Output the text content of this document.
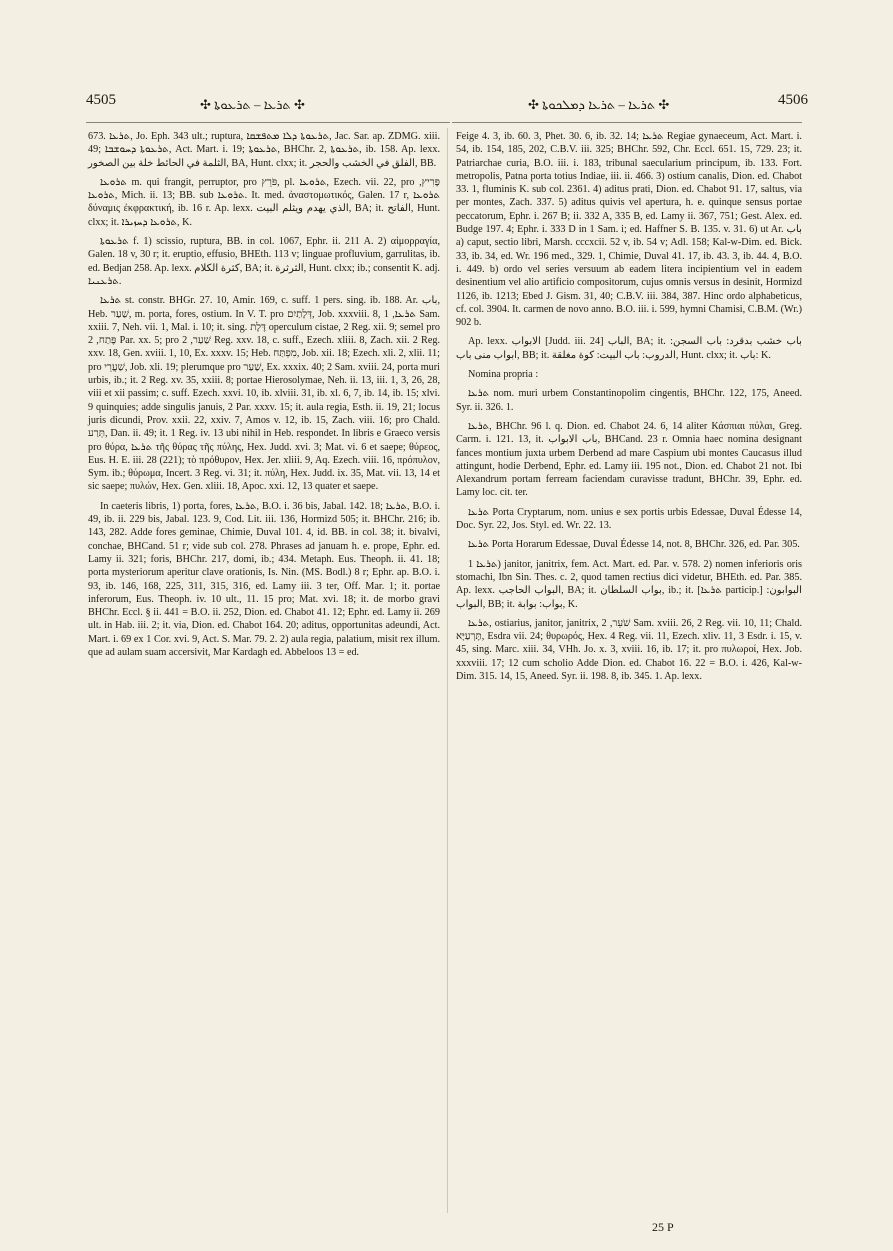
4505	✣ ܬܪܥܐ – ܬܪܥܘܬܐ ✣	✣ ܬܪܥܐ – ܬܪܥܐ ܕܡܠܟܘܬܐ ✣	4506

673. ܬܪܥܐ, Jo. Eph. 343 ult.; ruptura, ܬܪܥܘܬܐ ܕܠܐ ܡܬܦܫܩܐ, Jac. Sar. ap. ZDMG. xiii. 49; ܬܪܥܘܬܐ ܕܚܘܫܒܐ, Act. Mart. i. 19; ܬܪܥܘܬܐ, BHChr. 2, ܬܪܥܘܬܐ, ib. 158. Ap. lexx. الثلمة في الحائط خلة بين الصخور, BA, Hunt. clxx; it. الفلق في الخشب والحجر, BB.

ܬܪܘܥܐ m. qui frangit, perruptor, pro פֹּרֵץ, pl. ܬܪܘܥܐ, Ezech. vii. 22, pro פָּרִיץ, ܬܪܘܥܐ, Mich. ii. 13; BB. sub ܬܪܘܥܐ. It. med. ἀναστομωτικός, Galen. 17 r, ܬܪܘܥܐ δύναμις ἐκφρακτική, ib. 16 r. Ap. lexx. الذي يهدم ويثلم البيت, BA; it. الفاتح, Hunt. clxx; it. ܬܪܘܥܐ ܕܚܙܝܪܐ, K.

ܬܪܥܘܬܐ f. 1) scissio, ruptura, BB. in col. 1067, Ephr. ii. 211 A. 2) αἱμορραγία, Galen. 18 v, 30 r; it. eruptio, effusio, BHEth. 113 v; linguae profluvium, garrulitas, ib. ed. Bedjan 258. Ap. lexx. كثرة الكلام, BA; it. الثرثرة, Hunt. clxx; ib.; consentit K. adj. ܬܪܥܢܝܐ.

ܬܪܥܐ st. constr. BHGr. 27. 10, Amir. 169, c. suff. 1 pers. sing. ib. 188. Ar. باب, Heb. שַׁעַר, m. porta, fores, ostium. In V. T. pro דְּלָתַיִם, Job. xxxviii. 8, ܬܪܥܐ, 1 Sam. xxiii. 7, Neh. vii. 1, Mal. i. 10; it. sing. דֶּלֶת operculum cistae, 2 Reg. xii. 9; semel pro פֶּתַח, 2 Par. xx. 5; pro שַׁעַר, 2 Reg. xxv. 18, c. suff., Ezech. xliii. 8, Zach. xii. 2 Reg. xxv. 18, Gen. xviii. 1, 10, Ex. xxxv. 15; Heb. מִפְתַּח, Job. xii. 18; Ezech. xli. 2, xlii. 11; pro שַׁעֲרֵי, Job. xli. 19; plerumque pro שַׁעַר, Ex. xxxix. 40; 2 Sam. xviii. 24, porta muri urbis, ib.; it. 2 Reg. xv. 35, xxiii. 8; portae Hierosolymae, Neh. ii. 13, iii. 1, 3, 26, 28, viii et xii passim; c. suff. Ezech. xxvi. 10, ib. xlviii. 31, ib. xl. 6, 7, ib. 14, ib. 15; xlvi. 9 quinquies; adde singulis januis, 2 Par. xxxv. 15; it. aula regia, Esth. ii. 19, 21; locus juris dicundi, Prov. xxii. 22, xxiv. 7, Amos v. 12, ib. 15, Zach. viii. 16; pro Chald. תְּרַע, Dan. ii. 49; it. 1 Reg. iv. 13 ubi nihil in Heb. respondet. In libris e Graeco versis pro θύρα, ܬܪܥܐ τῆς θύρας τῆς πύλης, Hex. Judd. xvi. 3; Mat. vi. 6 et saepe; θύρεος, Eus. H. E. iii. 28 (221); τὸ πρόθυρον, Hex. Jer. xliii. 9, Aq. Ezech. viii. 16, πρόπυλον, Sym. ib.; θύρωμα, Incert. 3 Reg. vi. 31; it. πύλη, Hex. Judd. ix. 35, Mat. vii. 13, 14 et sic saepe; πυλών, Hex. Gen. xliii. 18, Apoc. xxi. 12, 13 quater et saepe.

In caeteris libris, 1) porta, fores, ܬܪܥܐ, B.O. i. 36 bis, Jabal. 142. 18; ܬܪܥܐ, B.O. i. 49, ib. ii. 229 bis, Jabal. 123. 9, Cod. Lit. iii. 136, Hormizd 505; it. BHChr. 216; ib. 143, 282. Adde fores geminae, Chimie, Duval 101. 4, id. BB. in col. 38; it. bivalvi, conchae, BHCand. 51 r; vide sub col. 278. Phrases ad januam h. e. prope, Ephr. ed. Lamy ii. 321; foris, BHChr. 217, domi, ib.; 434. Metaph. Eus. Theoph. ii. 41. 18; porta mysteriorum aperitur clave orationis, Is. Nin. (MS. Bodl.) 8 r; Ephr. ap. B.O. i. 93, ib. 146, 168, 225, 311, 315, 316, ed. Lamy iii. 3 ter, Off. Mar. 1; it. portae inferorum, Eus. Theoph. iv. 10 ult., 11. 15 pro; Mat. xvi. 18; it. de morbo gravi BHChr. Eccl. § ii. 441 = B.O. ii. 252, Dion. ed. Chabot 41. 12; Ephr. ed. Lamy ii. 269 ult. in Hab. iii. 2; it. via, Dion. ed. Chabot 164. 20; aditus, opportunitas adeundi, Act. Mart. i. 69 ex 1 Cor. xvi. 9, Act. S. Mar. 79. 2. 2) aula regia, palatium, misit rex illum. que ad aulam suam accersivit, Mar Kardagh ed. Abbeloos 13 = ed.

Feige 4. 3, ib. 60. 3, Phet. 30. 6, ib. 32. 14; ܬܪܥܐ Regiae gynaeceum, Act. Mart. i. 54, ib. 154, 185, 202, C.B.V. iii. 325; BHChr. 592, Chr. Eccl. 651. 15, 729. 23; it. Patriarchae curia, B.O. iii. i. 183, tribunal saecularium principum, ib. 133. Fort. metropolis, Patna porta totius Indiae, iii. ii. 466. 3) ostium canalis, Dion. ed. Chabot 33. 1, fluminis K. sub col. 2361. 4) aditus prati, Dion. ed. Chabot 91. 17, saltus, via per montes, Zach. 337. 5) aditus quivis vel apertura, h. e. quinque sensus portae peccatorum, Ephr. i. 267 B; ii. 332 A, 335 B, ed. Lamy ii. 367, 751; Gest. Alex. ed. Budge 197. 4; Ephr. i. 333 D in 1 Sam. i; ed. Haffner S. B. 135. v. 31. 6) ut Ar. باب a) caput, sectio libri, Marsh. cccxcii. 52 v, ib. 54 v; Adl. 158; Kal-w-Dim. ed. Bick. 33, ib. 34, ed. Wr. 196 med., 329. 1, Chimie, Duval 41. 17, ib. 43. 3, ib. 44. 4, B.O. i. 449. b) ordo vel series versuum ab eadem litera incipientium vel in eadem desinentium vel alio artificio compositorum, cujus omnis versus in desinit, Hormizd 1126, ib. 1213; Ebed J. Gism. 31, 40; C.B.V. iii. 384, 387. Hinc ordo alphabeticus, cf. col. 3904. It. carmen de novo anno. B.O. iii. i. 599, hymni Chamisi, C.B.M. (Wr.) 902 b.

Ap. lexx. الابواب [Judd. iii. 24] الباب, BA; it. باب خشب بدقرد: باب السجن: ابواب منى باب, BB; it. الدروب: باب البيت: كوة مغلقة, Hunt. clxx; it. باب: K.

Nomina propria :

ܬܪܥܐ nom. muri urbem Constantinopolim cingentis, BHChr. 122, 175, Aneed. Syr. ii. 326. 1.

ܬܪܥܐ, BHChr. 96 l. q. Dion. ed. Chabot 24. 6, 14 aliter Κάσπιαι πύλαι, Greg. Carm. i. 121. 13, it. باب الابواب, BHCand. 23 r. Omnia haec nomina designant fances montium juxta urbem Derbend ad mare Caspium ubi montes Caucasus illud attingunt, hodie Derbend, Ephr. ed. Lamy iii. 195 not., Dion. ed. Chabot 21 not. Ibi Alexandrum portam ferream faciendam curavisse tradunt, BHChr. 39, Ephr. ed. Lamy loc. cit. ter.

ܬܪܥܐ Porta Cryptarum, nom. unius e sex portis urbis Edessae, Duval Édesse 14, Doc. Syr. 22, Jos. Styl. ed. Wr. 22. 13.

ܬܪܥܐ Porta Horarum Edessae, Duval Édesse 14, not. 8, BHChr. 326, ed. Par. 305.

ܬܪܥܐ 1) janitor, janitrix, fem. Act. Mart. ed. Par. v. 578. 2) nomen inferioris oris stomachi, Ibn Sin. Thes. c. 2, quod tamen rectius dici videtur, BHEth. ed. Par. 385. Ap. lexx. البواب الحاجب, BA; it. بواب السلطان, ib.; it. [ܬܪܥܐ particip.] البوابون: البواب, BB; it. بواب: بوابة, K.

ܬܪܥܐ, ostiarius, janitor, janitrix, שֹׁעֵר, 2 Sam. xviii. 26, 2 Reg. vii. 10, 11; Chald. תָּרְעַיָּא, Esdra vii. 24; θυρωρός, Hex. 4 Reg. vii. 11, Ezech. xliv. 11, 3 Esdr. i. 15, v. 45, sing. Marc. xiii. 34, VHh. Jo. x. 3, xviii. 16, ib. 17; it. pro πυλωροί, Hex. Job. xxxviii. 17; 12 cum scholio Adde Dion. ed. Chabot 16. 22 = B.O. i. 426, Kal-w-Dim. 315. 14, 15, Aneed. Syr. ii. 198. 8, ib. 345. 1. Ap. lexx.

25 P
